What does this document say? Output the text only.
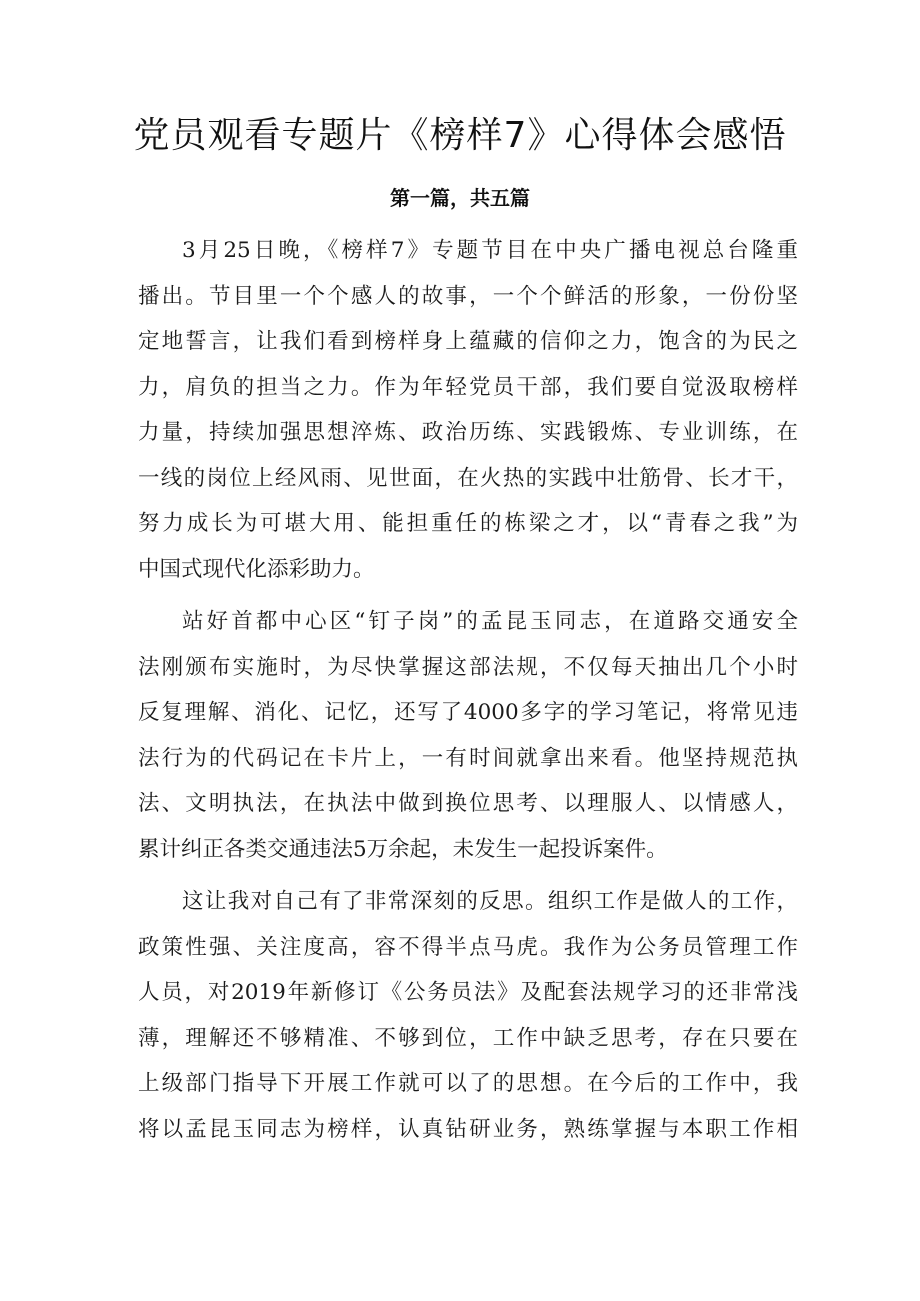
党员观看专题片《榜样7》心得体会感悟
第一篇，共五篇
3月25日晚，《榜样7》专题节目在中央广播电视总台隆重
播出。节目里一个个感人的故事，一个个鲜活的形象，一份份坚
定地誓言，让我们看到榜样身上蕴藏的信仰之力，饱含的为民之
力，肩负的担当之力。作为年轻党员干部，我们要自觉汲取榜样
力量，持续加强思想淬炼、政治历练、实践锻炼、专业训练，在
一线的岗位上经风雨、见世面，在火热的实践中壮筋骨、长才干，
努力成长为可堪大用、能担重任的栋梁之才，以“青春之我”为
中国式现代化添彩助力。
站好首都中心区“钉子岗”的孟昆玉同志，在道路交通安全
法刚颁布实施时，为尽快掌握这部法规，不仅每天抽出几个小时
反复理解、消化、记忆，还写了4000多字的学习笔记，将常见违
法行为的代码记在卡片上，一有时间就拿出来看。他坚持规范执
法、文明执法，在执法中做到换位思考、以理服人、以情感人，
累计纠正各类交通违法5万余起，未发生一起投诉案件。
这让我对自己有了非常深刻的反思。组织工作是做人的工作，
政策性强、关注度高，容不得半点马虎。我作为公务员管理工作
人员，对2019年新修订《公务员法》及配套法规学习的还非常浅
薄，理解还不够精准、不够到位，工作中缺乏思考，存在只要在
上级部门指导下开展工作就可以了的思想。在今后的工作中，我
将以孟昆玉同志为榜样，认真钻研业务，熟练掌握与本职工作相
